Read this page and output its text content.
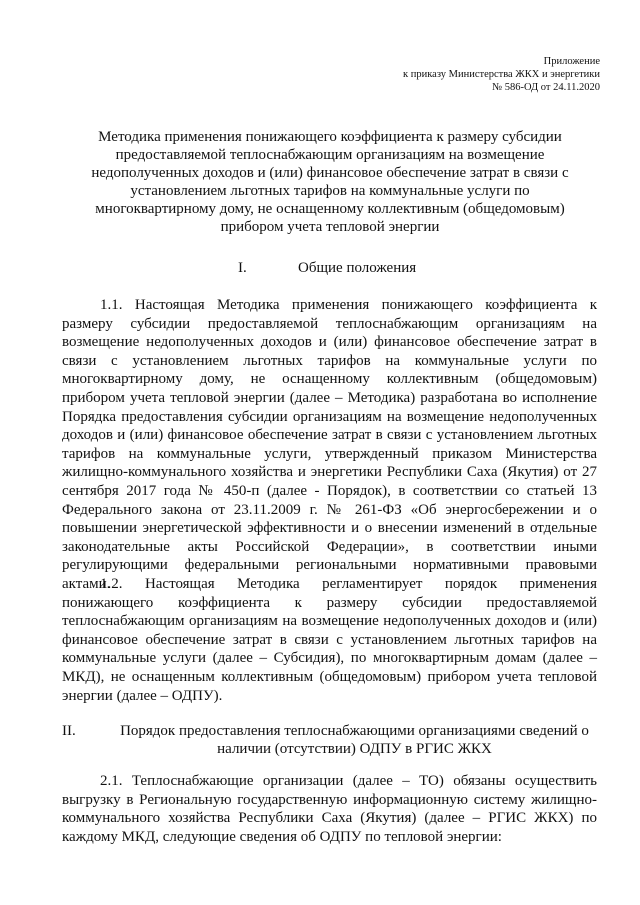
Приложение
к приказу Министерства ЖКХ и энергетики
№ 586-ОД от 24.11.2020
Методика применения понижающего коэффициента к размеру субсидии предоставляемой теплоснабжающим организациям на возмещение недополученных доходов и (или) финансовое обеспечение затрат в связи с установлением льготных тарифов на коммунальные услуги по многоквартирному дому, не оснащенному коллективным (общедомовым) прибором учета тепловой энергии
I.	Общие положения

1.1. Настоящая Методика применения понижающего коэффициента к размеру субсидии предоставляемой теплоснабжающим организациям на возмещение недополученных доходов и (или) финансовое обеспечение затрат в связи с установлением льготных тарифов на коммунальные услуги по многоквартирному дому, не оснащенному коллективным (общедомовым) прибором учета тепловой энергии (далее – Методика) разработана во исполнение Порядка предоставления субсидии организациям на возмещение недополученных доходов и (или) финансовое обеспечение затрат в связи с установлением льготных тарифов на коммунальные услуги, утвержденный приказом Министерства жилищно-коммунального хозяйства и энергетики Республики Саха (Якутия) от 27 сентября 2017 года № 450-п (далее - Порядок), в соответствии со статьей 13 Федерального закона от 23.11.2009 г. № 261-ФЗ «Об энергосбережении и о повышении энергетической эффективности и о внесении изменений в отдельные законодательные акты Российской Федерации», в соответствии иными регулирующими федеральными региональными нормативными правовыми актами.

1.2. Настоящая Методика регламентирует порядок применения понижающего коэффициента к размеру субсидии предоставляемой теплоснабжающим организациям на возмещение недополученных доходов и (или) финансовое обеспечение затрат в связи с установлением льготных тарифов на коммунальные услуги (далее – Субсидия), по многоквартирным домам (далее – МКД), не оснащенным коллективным (общедомовым) прибором учета тепловой энергии (далее – ОДПУ).

II.	Порядок предоставления теплоснабжающими организациями сведений о наличии (отсутствии) ОДПУ в РГИС ЖКХ

2.1. Теплоснабжающие организации (далее – ТО) обязаны осуществить выгрузку в Региональную государственную информационную систему жилищно-коммунального хозяйства Республики Саха (Якутия) (далее – РГИС ЖКХ) по каждому МКД, следующие сведения об ОДПУ по тепловой энергии:
